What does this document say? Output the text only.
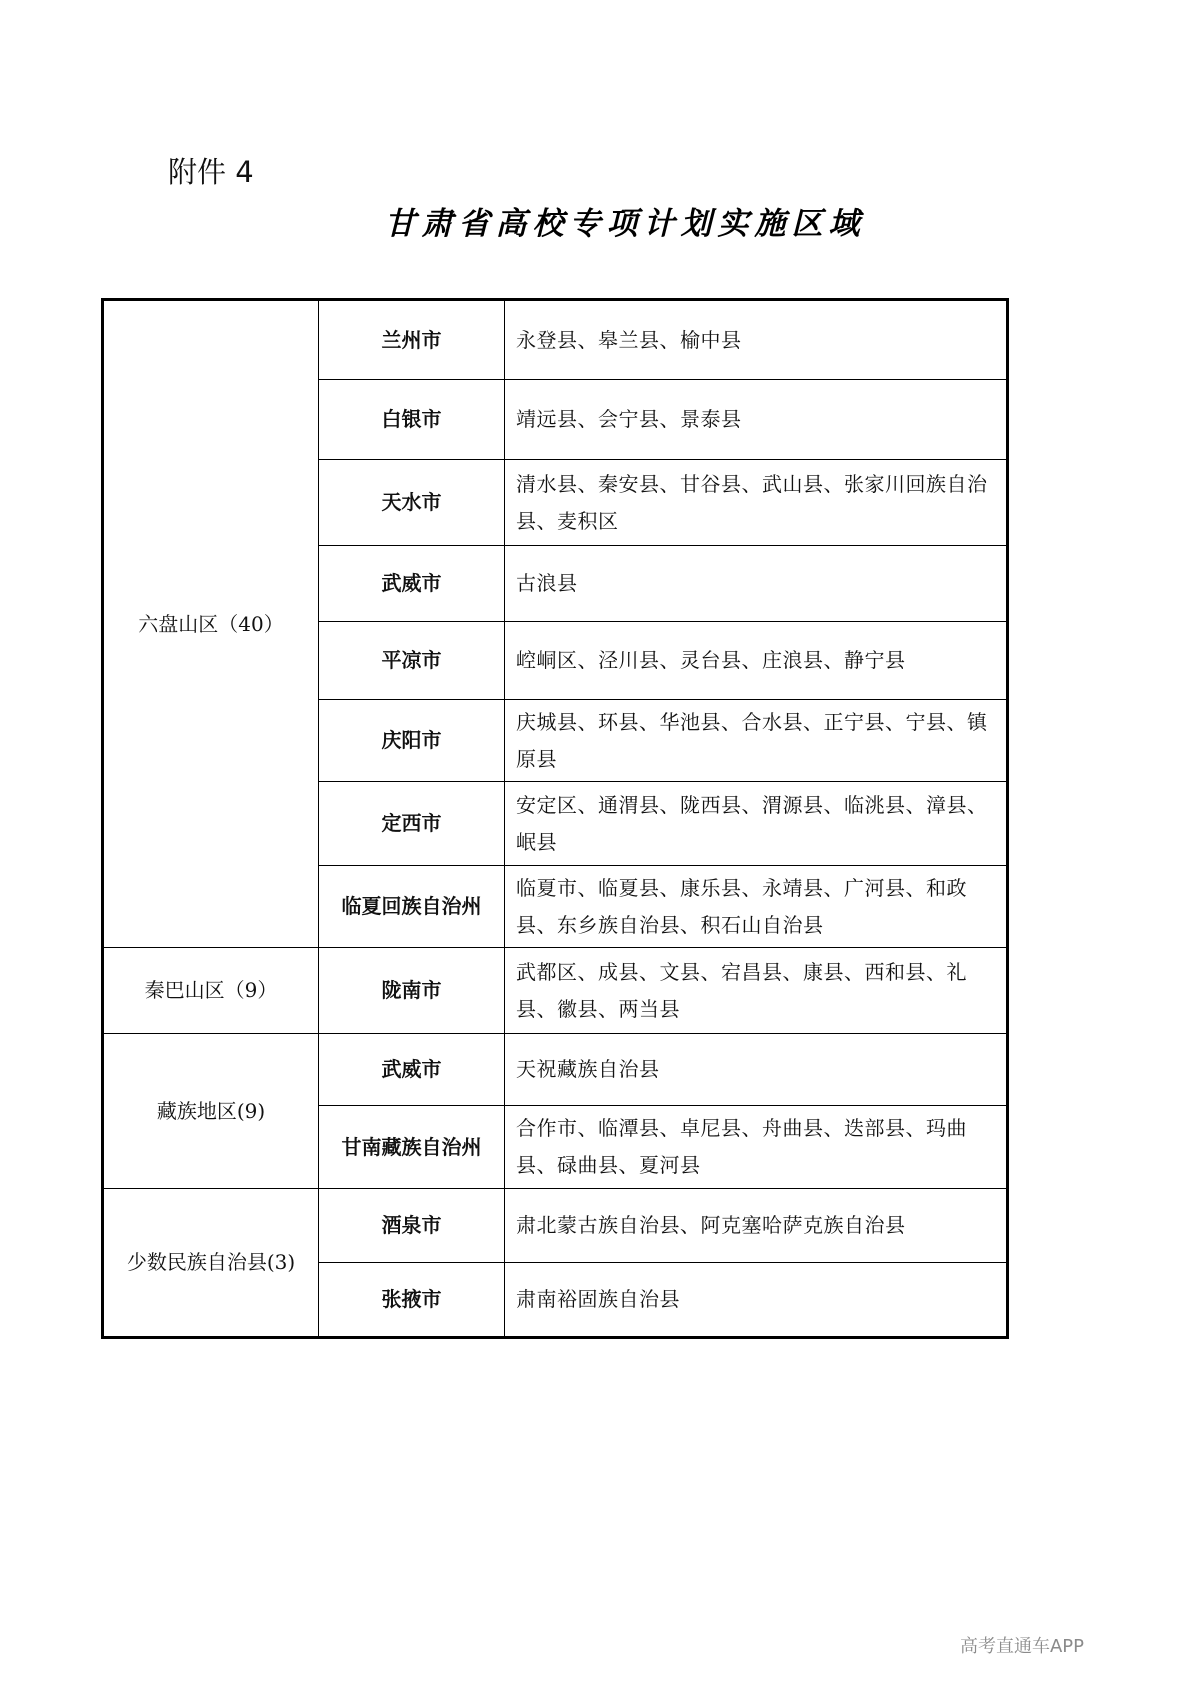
附件 4
甘肃省高校专项计划实施区域
六盘山区（40）	兰州市	永登县、皋兰县、榆中县
	白银市	靖远县、会宁县、景泰县
	天水市	清水县、秦安县、甘谷县、武山县、张家川回族自治县、麦积区
	武威市	古浪县
	平凉市	崆峒区、泾川县、灵台县、庄浪县、静宁县
	庆阳市	庆城县、环县、华池县、合水县、正宁县、宁县、镇原县
	定西市	安定区、通渭县、陇西县、渭源县、临洮县、漳县、岷县
	临夏回族自治州	临夏市、临夏县、康乐县、永靖县、广河县、和政县、东乡族自治县、积石山自治县
秦巴山区（9）	陇南市	武都区、成县、文县、宕昌县、康县、西和县、礼县、徽县、两当县
藏族地区(9)	武威市	天祝藏族自治县
	甘南藏族自治州	合作市、临潭县、卓尼县、舟曲县、迭部县、玛曲县、碌曲县、夏河县
少数民族自治县(3)	酒泉市	肃北蒙古族自治县、阿克塞哈萨克族自治县
	张掖市	肃南裕固族自治县
高考直通车APP
